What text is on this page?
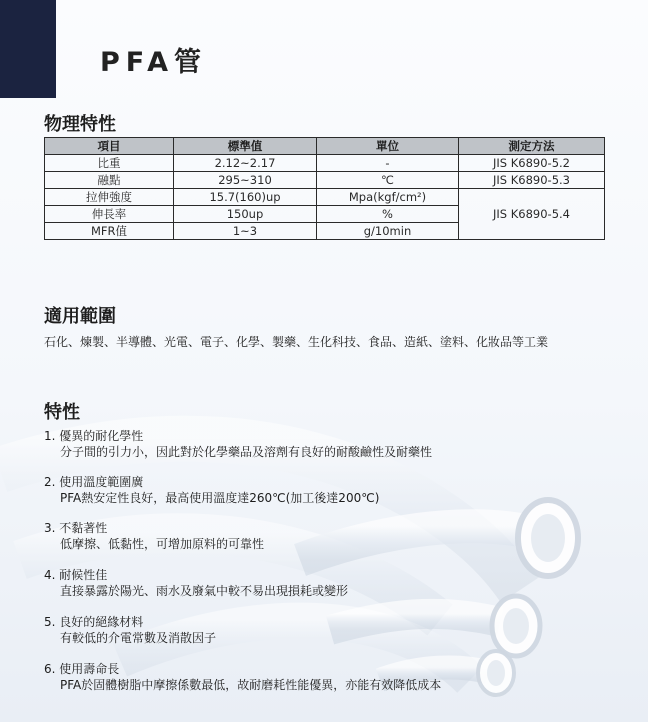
PFA管
物理特性
項目	標準值	單位	測定方法
比重	2.12~2.17	-	JIS K6890-5.2
融點	295~310	℃	JIS K6890-5.3
拉伸強度	15.7(160)up	Mpa(kgf/cm²)	JIS K6890-5.4
伸長率	150up	%	
MFR值	1~3	g/10min	
適用範圍
石化、煉製、半導體、光電、電子、化學、製藥、生化科技、食品、造紙、塗料、化妝品等工業
特性
1. 優異的耐化學性
分子間的引力小，因此對於化學藥品及溶劑有良好的耐酸鹼性及耐藥性
2. 使用溫度範圍廣
PFA熱安定性良好，最高使用溫度達260℃(加工後達200℃)
3. 不黏著性
低摩擦、低黏性，可增加原料的可靠性
4. 耐候性佳
直接暴露於陽光、雨水及廢氣中較不易出現損耗或變形
5. 良好的絕緣材料
有較低的介電常數及消散因子
6. 使用壽命長
PFA於固體樹脂中摩擦係數最低，故耐磨耗性能優異，亦能有效降低成本
